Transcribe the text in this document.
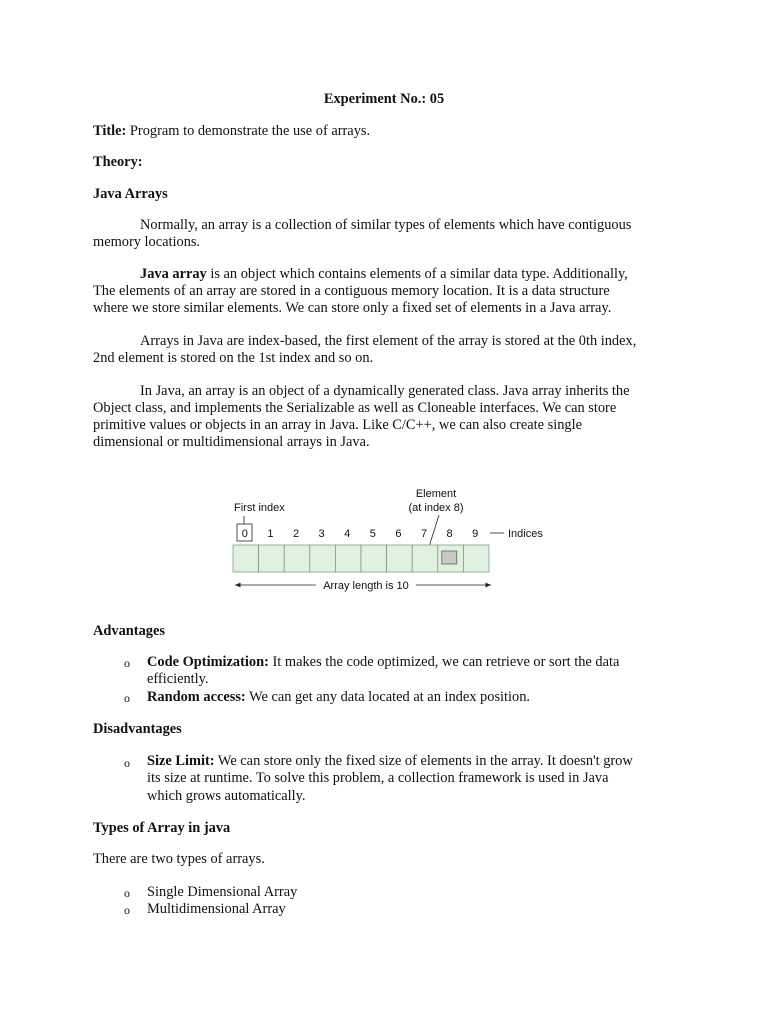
Experiment No.: 05
Title: Program to demonstrate the use of arrays.
Theory:
Java Arrays
Normally, an array is a collection of similar types of elements which have contiguous
memory locations.
Java array is an object which contains elements of a similar data type. Additionally,
The elements of an array are stored in a contiguous memory location. It is a data structure
where we store similar elements. We can store only a fixed set of elements in a Java array.
Arrays in Java are index-based, the first element of the array is stored at the 0th index,
2nd element is stored on the 1st index and so on.
In Java, an array is an object of a dynamically generated class. Java array inherits the
Object class, and implements the Serializable as well as Cloneable interfaces. We can store
primitive values or objects in an array in Java. Like C/C++, we can also create single
dimensional or multidimensional arrays in Java.
First index
Element
(at index 8)
Indices
0 1 2 3 4 5 6 7 8 9
Array length is 10
Advantages
o Code Optimization: It makes the code optimized, we can retrieve or sort the data
efficiently.
o Random access: We can get any data located at an index position.
Disadvantages
o Size Limit: We can store only the fixed size of elements in the array. It doesn't grow
its size at runtime. To solve this problem, a collection framework is used in Java
which grows automatically.
Types of Array in java
There are two types of arrays.
o Single Dimensional Array
o Multidimensional Array
